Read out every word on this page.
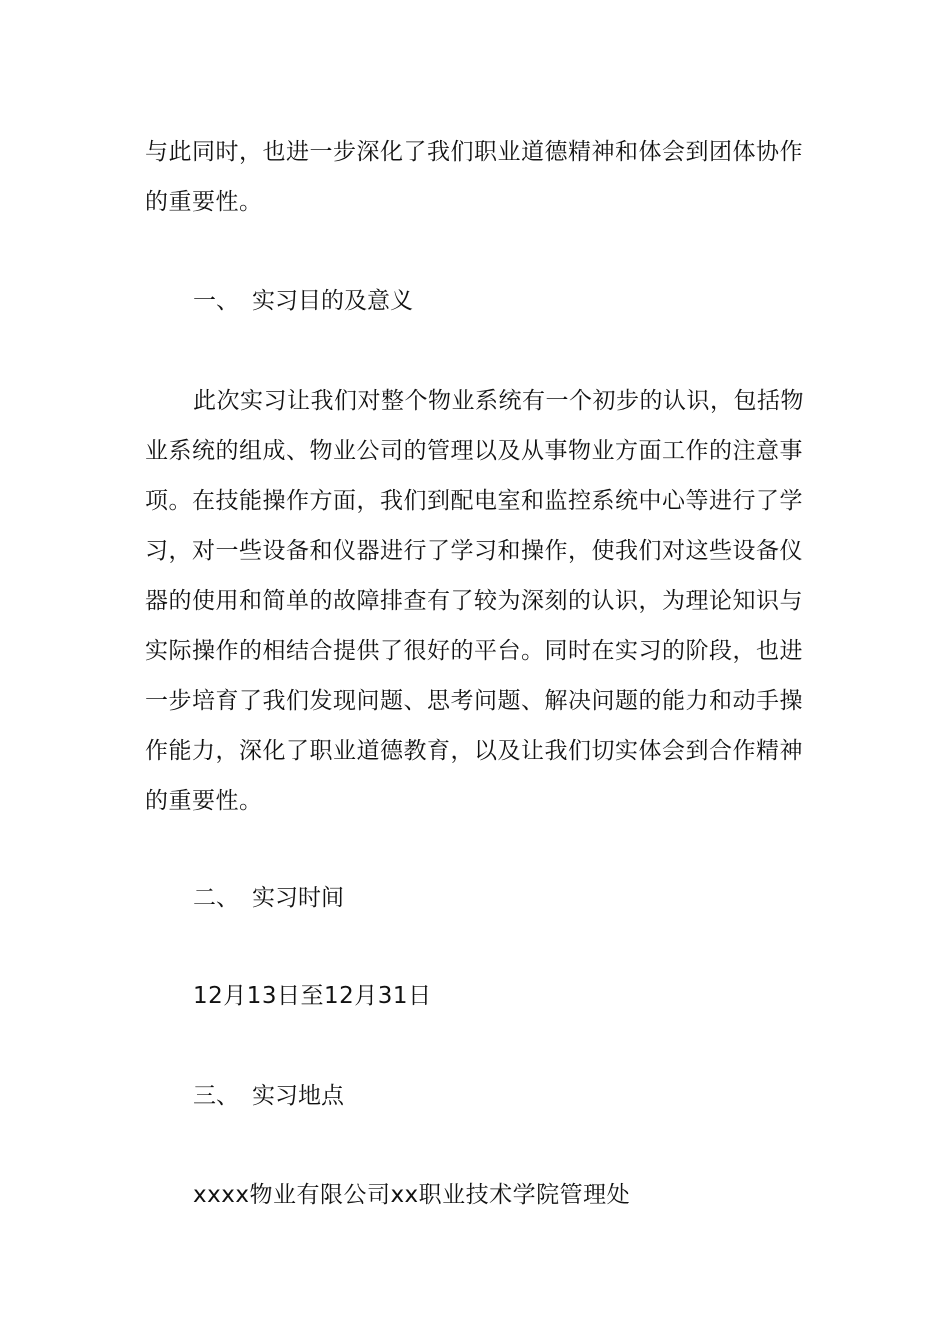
与此同时，也进一步深化了我们职业道德精神和体会到团体协作的重要性。
一、 实习目的及意义
此次实习让我们对整个物业系统有一个初步的认识，包括物业系统的组成、物业公司的管理以及从事物业方面工作的注意事项。在技能操作方面，我们到配电室和监控系统中心等进行了学习，对一些设备和仪器进行了学习和操作，使我们对这些设备仪器的使用和简单的故障排查有了较为深刻的认识，为理论知识与实际操作的相结合提供了很好的平台。同时在实习的阶段，也进一步培育了我们发现问题、思考问题、解决问题的能力和动手操作能力，深化了职业道德教育，以及让我们切实体会到合作精神的重要性。
二、 实习时间
12月13日至12月31日
三、 实习地点
xxxx物业有限公司xx职业技术学院管理处
